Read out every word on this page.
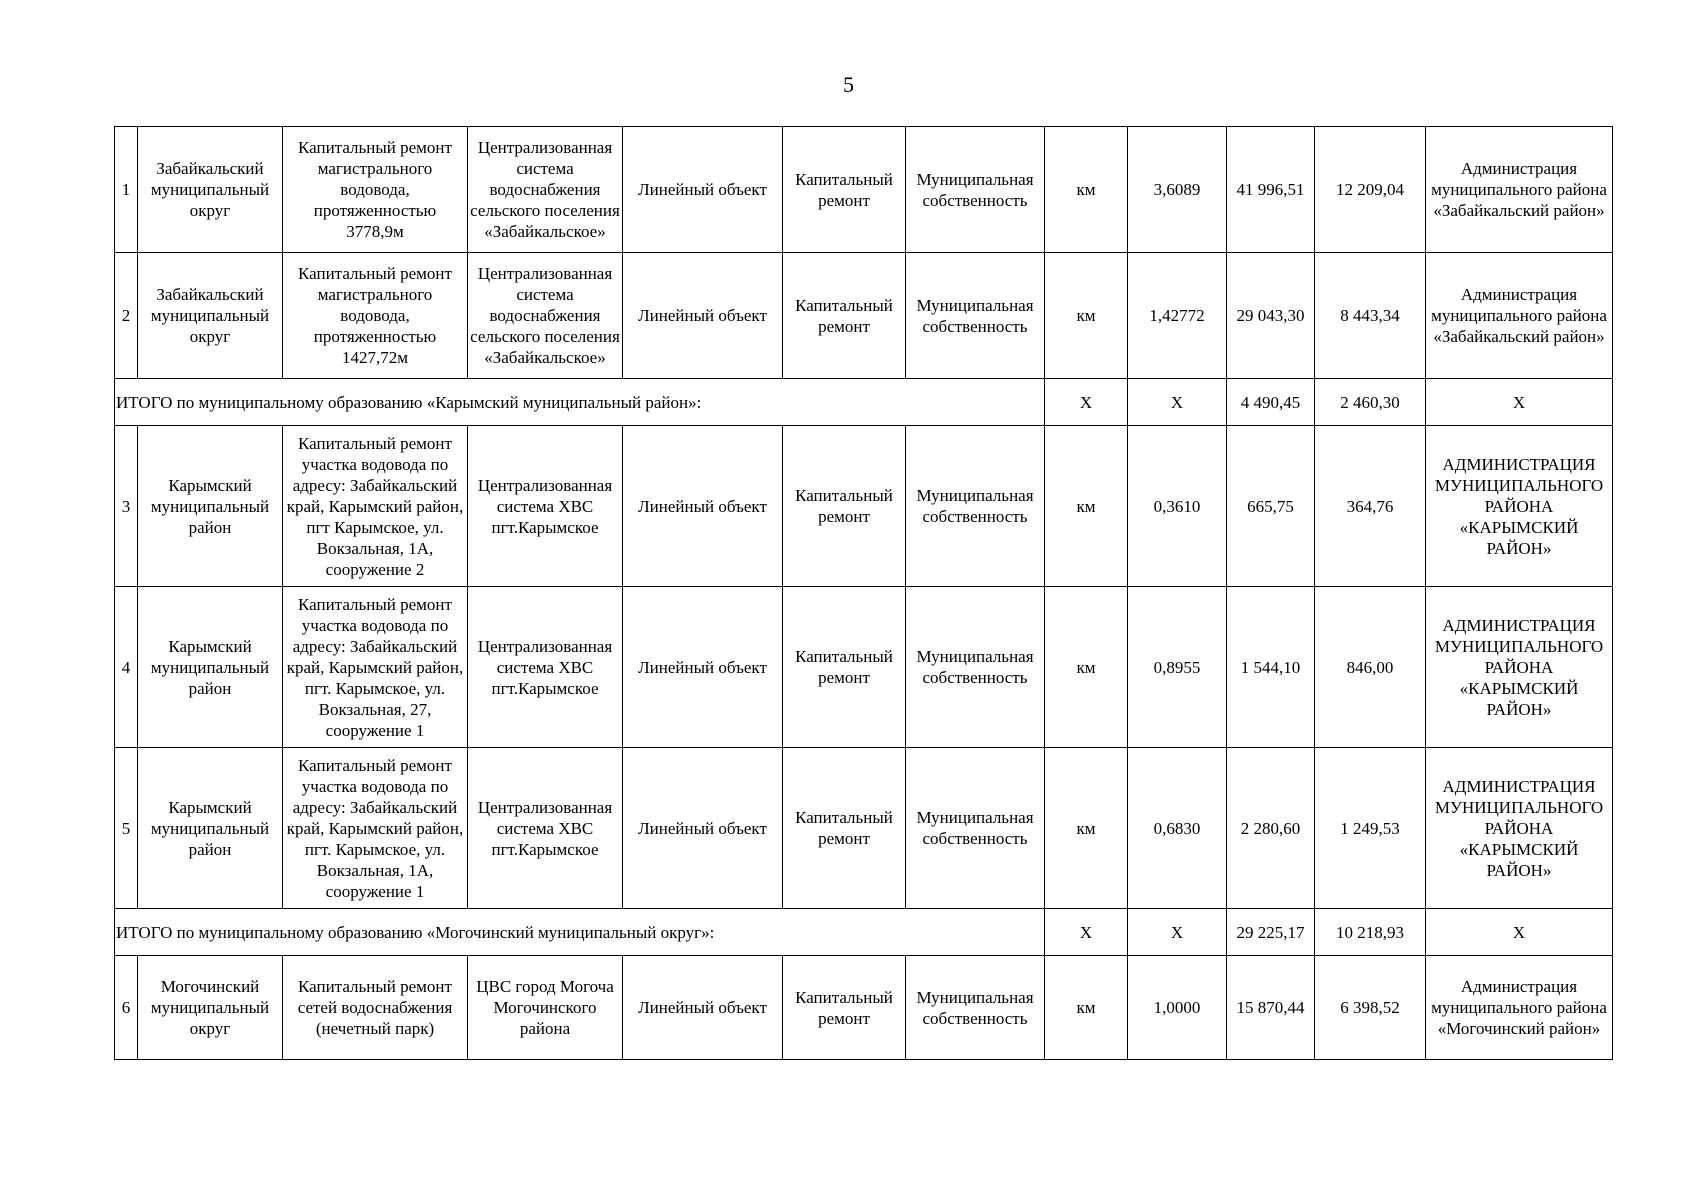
5
1	Забайкальский муниципальный округ	Капитальный ремонт магистрального водовода, протяженностью 3778,9м	Централизованная система водоснабжения сельского поселения «Забайкальское»	Линейный объект	Капитальный ремонт	Муниципальная собственность	км	3,6089	41 996,51	12 209,04	Администрация муниципального района «Забайкальский район»
2	Забайкальский муниципальный округ	Капитальный ремонт магистрального водовода, протяженностью 1427,72м	Централизованная система водоснабжения сельского поселения «Забайкальское»	Линейный объект	Капитальный ремонт	Муниципальная собственность	км	1,42772	29 043,30	8 443,34	Администрация муниципального района «Забайкальский район»
ИТОГО по муниципальному образованию «Карымский муниципальный район»:							Х	Х	4 490,45	2 460,30	Х
3	Карымский муниципальный район	Капитальный ремонт участка водовода по адресу: Забайкальский край, Карымский район, пгт Карымское, ул. Вокзальная, 1А, сооружение 2	Централизованная система ХВС пгт.Карымское	Линейный объект	Капитальный ремонт	Муниципальная собственность	км	0,3610	665,75	364,76	АДМИНИСТРАЦИЯ МУНИЦИПАЛЬНОГО РАЙОНА «КАРЫМСКИЙ РАЙОН»
4	Карымский муниципальный район	Капитальный ремонт участка водовода по адресу: Забайкальский край, Карымский район, пгт. Карымское, ул. Вокзальная, 27, сооружение 1	Централизованная система ХВС пгт.Карымское	Линейный объект	Капитальный ремонт	Муниципальная собственность	км	0,8955	1 544,10	846,00	АДМИНИСТРАЦИЯ МУНИЦИПАЛЬНОГО РАЙОНА «КАРЫМСКИЙ РАЙОН»
5	Карымский муниципальный район	Капитальный ремонт участка водовода по адресу: Забайкальский край, Карымский район, пгт. Карымское, ул. Вокзальная, 1А, сооружение 1	Централизованная система ХВС пгт.Карымское	Линейный объект	Капитальный ремонт	Муниципальная собственность	км	0,6830	2 280,60	1 249,53	АДМИНИСТРАЦИЯ МУНИЦИПАЛЬНОГО РАЙОНА «КАРЫМСКИЙ РАЙОН»
ИТОГО по муниципальному образованию «Могочинский муниципальный округ»:							Х	Х	29 225,17	10 218,93	Х
6	Могочинский муниципальный округ	Капитальный ремонт сетей водоснабжения (нечетный парк)	ЦВС город Могоча Могочинского района	Линейный объект	Капитальный ремонт	Муниципальная собственность	км	1,0000	15 870,44	6 398,52	Администрация муниципального района «Могочинский район»
